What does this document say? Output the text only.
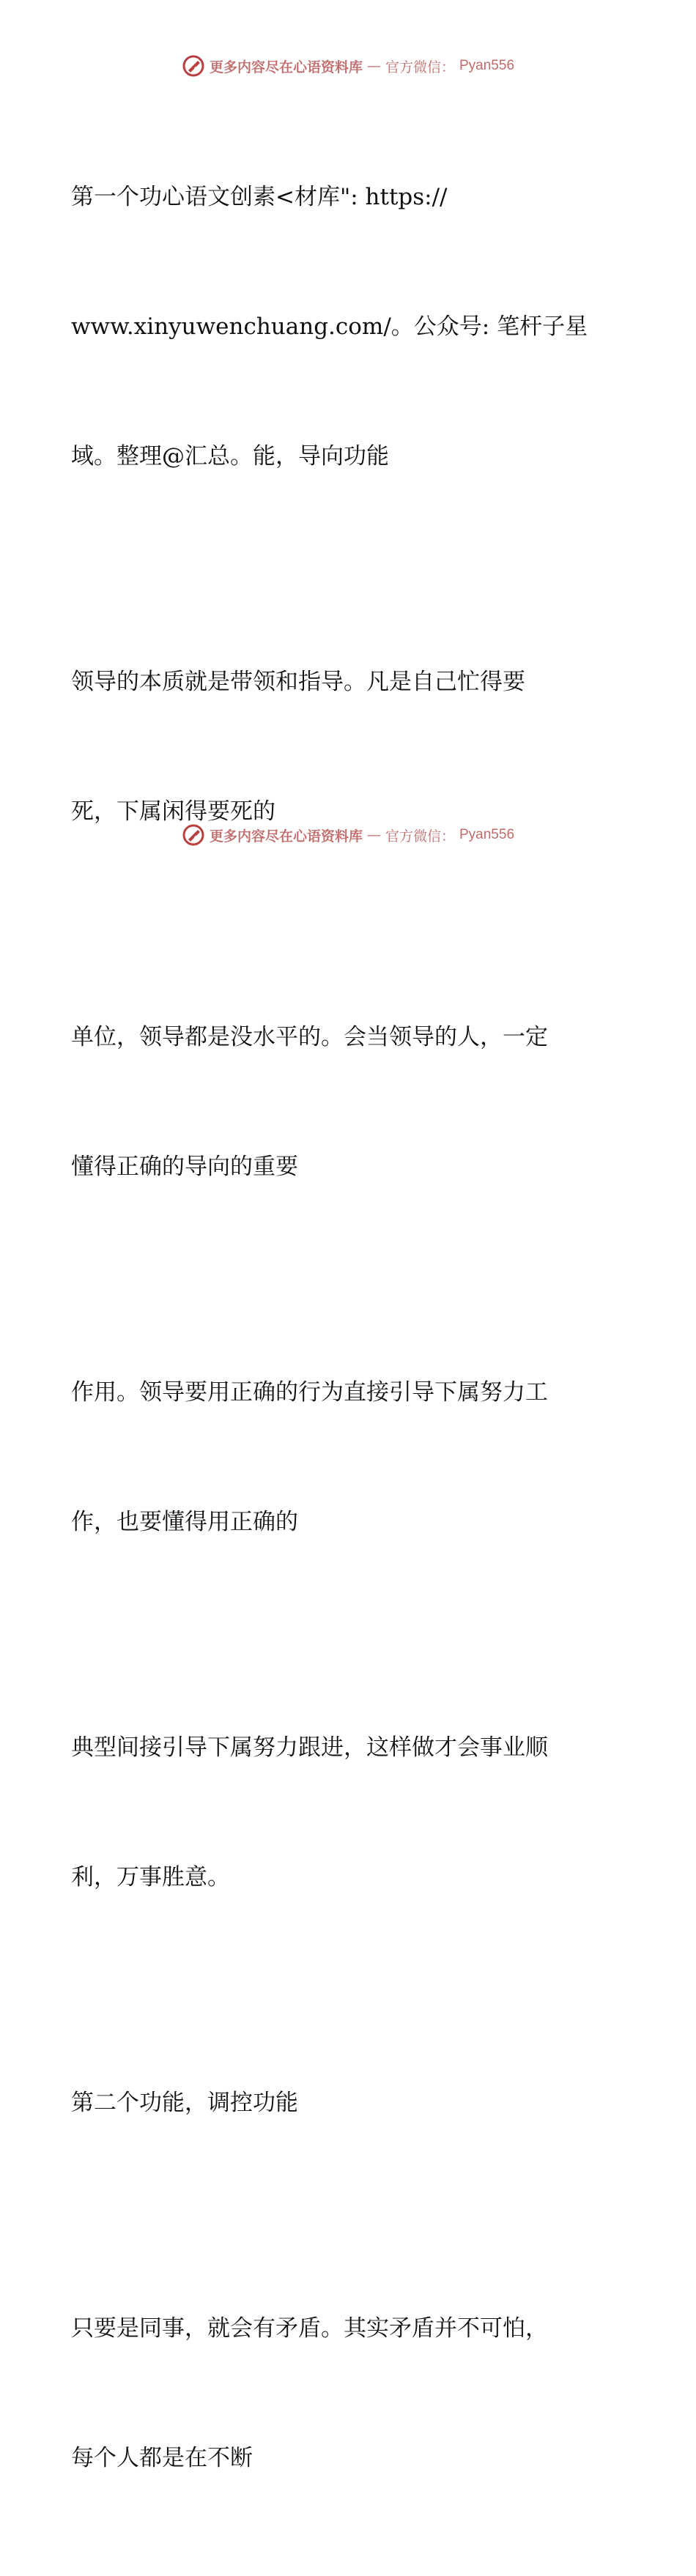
更多内容尽在心语资料库 — 官方微信： Pyan556

第一个功心语文创素<材库": https://

www.xinyuwenchuang.com/。公众号: 笔杆子星

域。整理@汇总。能，导向功能

领导的本质就是带领和指导。凡是自己忙得要

死，下属闲得要死的

单位，领导都是没水平的。会当领导的人，一定

懂得正确的导向的重要

作用。领导要用正确的行为直接引导下属努力工

作，也要懂得用正确的

典型间接引导下属努力跟进，这样做才会事业顺

利，万事胜意。

第二个功能，调控功能

只要是同事，就会有矛盾。其实矛盾并不可怕，

每个人都是在不断

更多内容尽在心语资料库 — 官方微信： Pyan556
